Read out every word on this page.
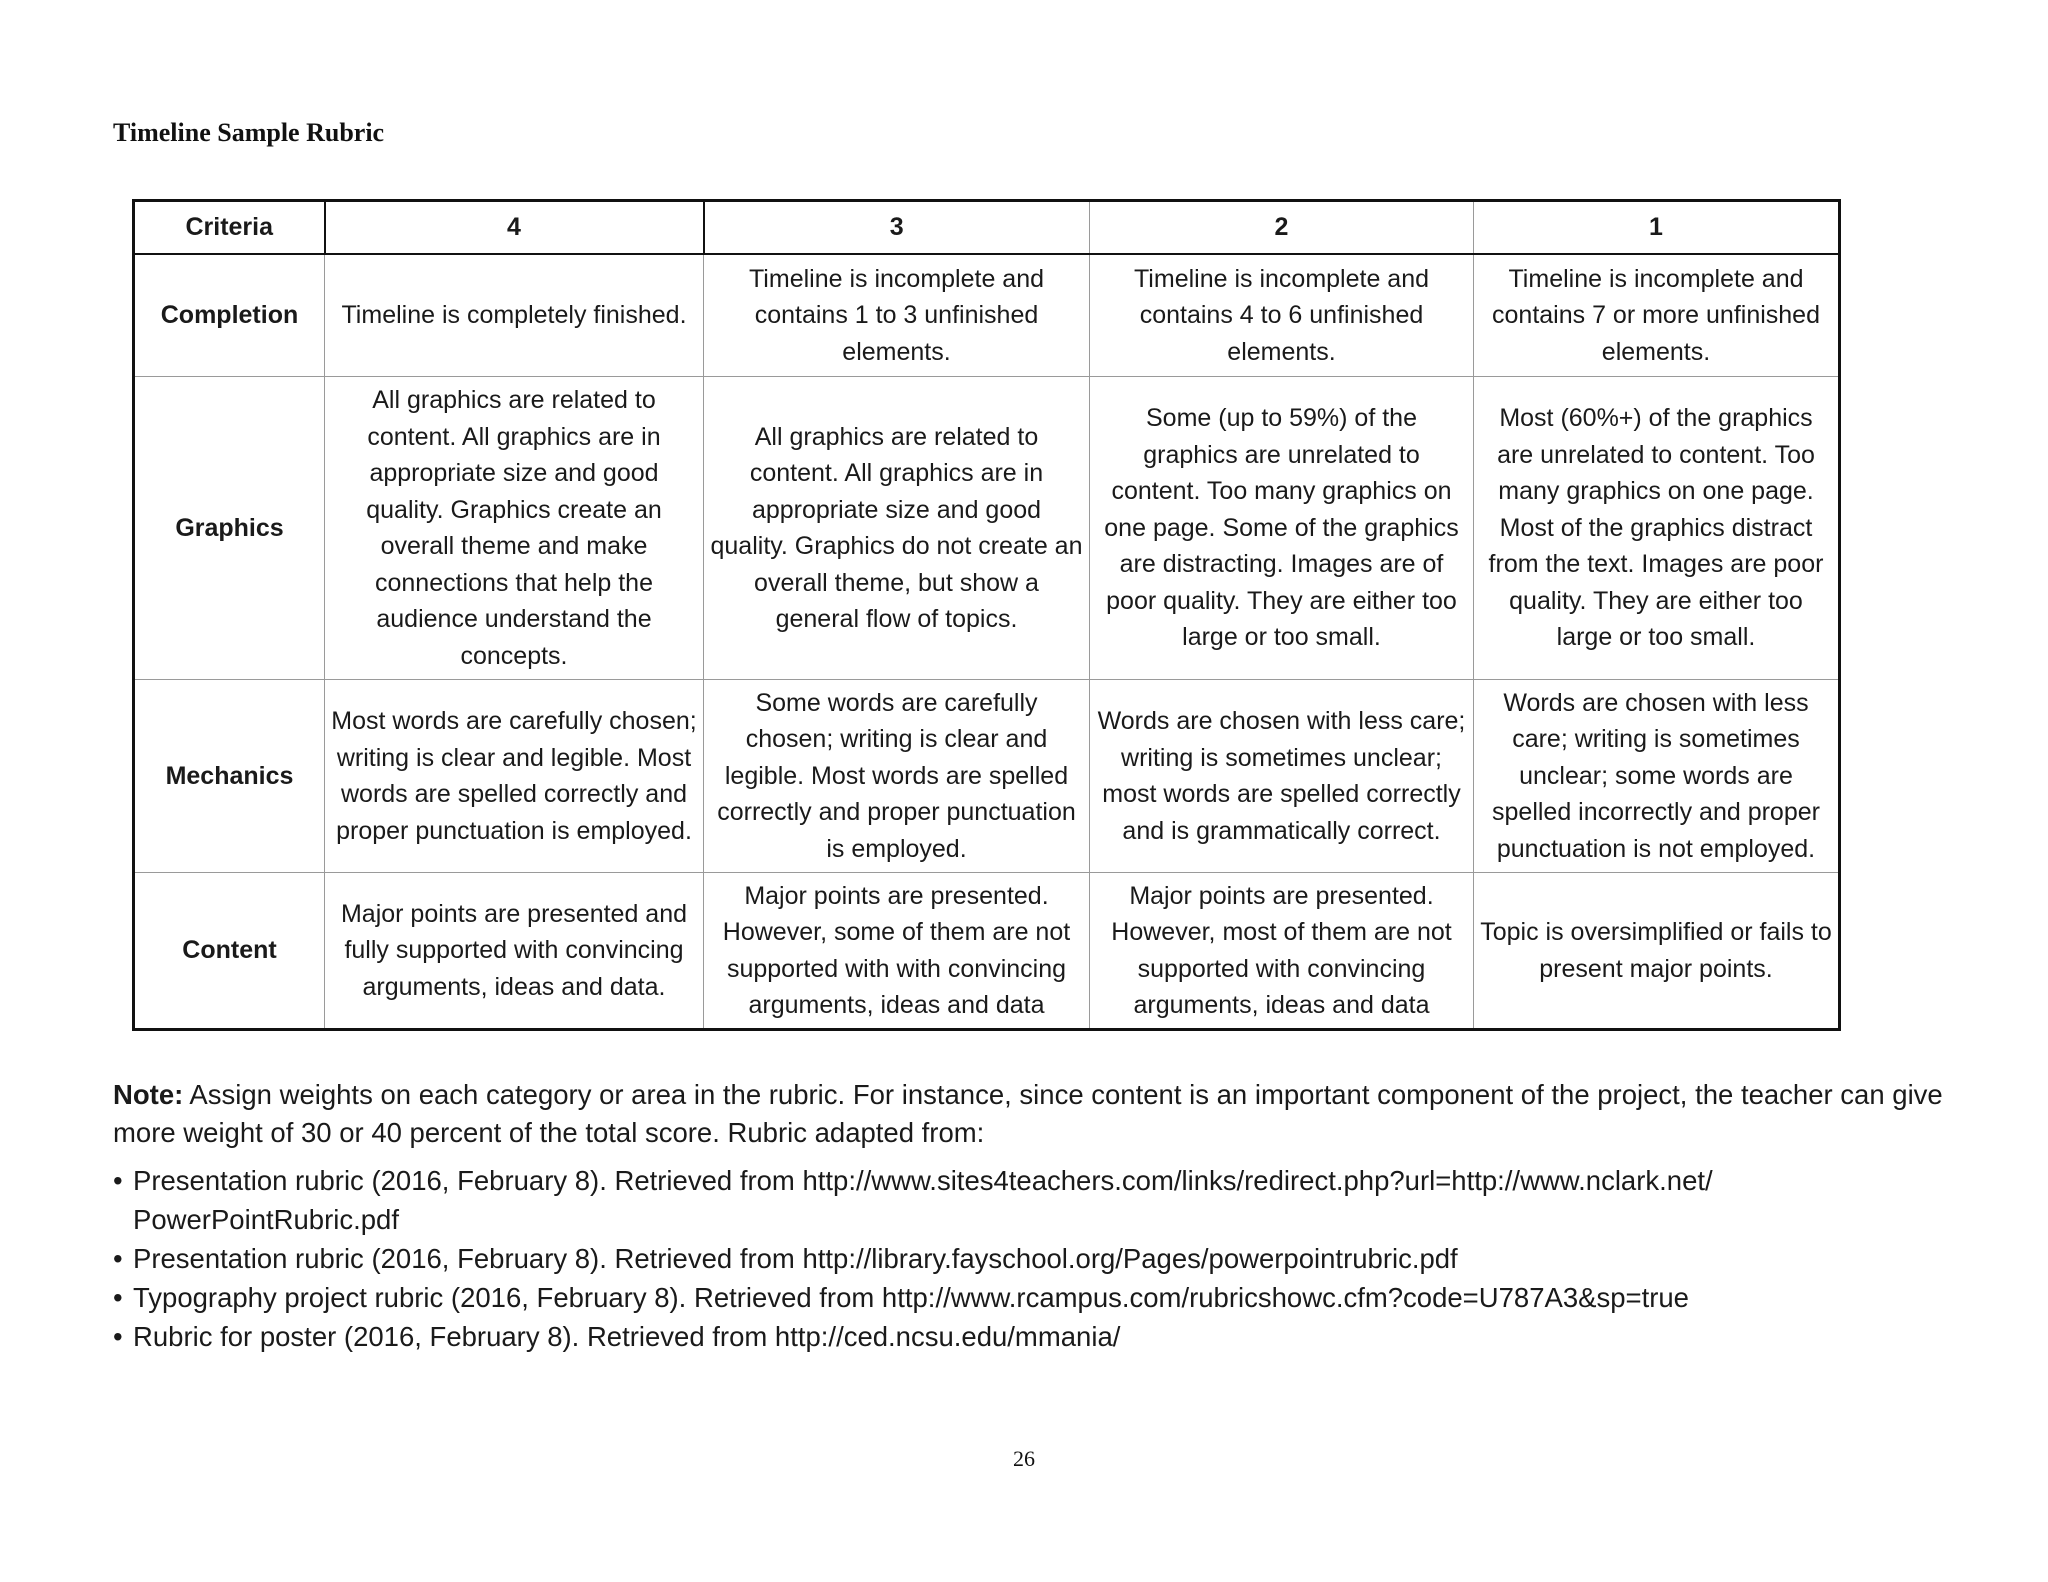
Timeline Sample Rubric
Criteria	4	3	2	1
Completion	Timeline is completely finished.	Timeline is incomplete and contains 1 to 3 unfinished elements.	Timeline is incomplete and contains 4 to 6 unfinished elements.	Timeline is incomplete and contains 7 or more unfinished elements.
Graphics	All graphics are related to content. All graphics are in appropriate size and good quality. Graphics create an overall theme and make connections that help the audience understand the concepts.	All graphics are related to content. All graphics are in appropriate size and good quality. Graphics do not create an overall theme, but show a general flow of topics.	Some (up to 59%) of the graphics are unrelated to content. Too many graphics on one page. Some of the graphics are distracting. Images are of poor quality. They are either too large or too small.	Most (60%+) of the graphics are unrelated to content. Too many graphics on one page. Most of the graphics distract from the text. Images are poor quality. They are either too large or too small.
Mechanics	Most words are carefully chosen; writing is clear and legible. Most words are spelled correctly and proper punctuation is employed.	Some words are carefully chosen; writing is clear and legible. Most words are spelled correctly and proper punctuation is employed.	Words are chosen with less care; writing is sometimes unclear; most words are spelled correctly and is grammatically correct.	Words are chosen with less care; writing is sometimes unclear; some words are spelled incorrectly and proper punctuation is not employed.
Content	Major points are presented and fully supported with convincing arguments, ideas and data.	Major points are presented. However, some of them are not supported with with convincing arguments, ideas and data	Major points are presented. However, most of them are not supported with convincing arguments, ideas and data	Topic is oversimplified or fails to present major points.
Note: Assign weights on each category or area in the rubric. For instance, since content is an important component of the project, the teacher can give more weight of 30 or 40 percent of the total score. Rubric adapted from:
• Presentation rubric (2016, February 8). Retrieved from http://www.sites4teachers.com/links/redirect.php?url=http://www.nclark.net/ PowerPointRubric.pdf
• Presentation rubric (2016, February 8). Retrieved from http://library.fayschool.org/Pages/powerpointrubric.pdf
• Typography project rubric (2016, February 8). Retrieved from http://www.rcampus.com/rubricshowc.cfm?code=U787A3&sp=true
• Rubric for poster (2016, February 8). Retrieved from http://ced.ncsu.edu/mmania/
26
